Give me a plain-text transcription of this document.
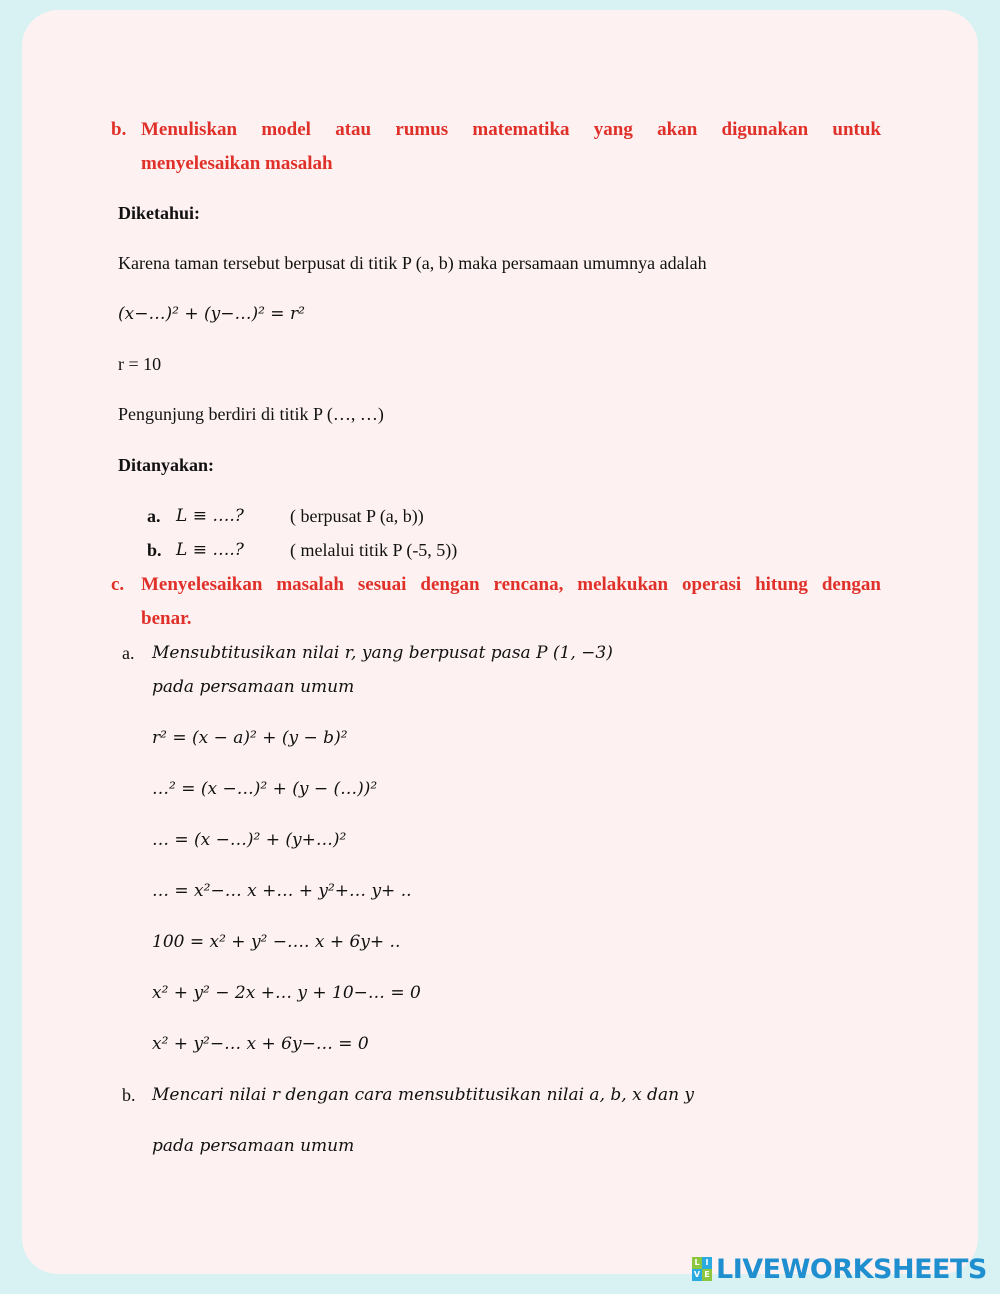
b. Menuliskan model atau rumus matematika yang akan digunakan untuk
menyelesaikan masalah
Diketahui:
Karena taman tersebut berpusat di titik P (a, b) maka persamaan umumnya adalah
(x−…)² + (y−…)² = r²
r = 10
Pengunjung berdiri di titik P (…, …)
Ditanyakan:
a. L ≡ ….?	( berpusat P (a, b))
b. L ≡ ….?	( melalui titik P (-5, 5))
c. Menyelesaikan masalah sesuai dengan rencana, melakukan operasi hitung dengan
benar.
a. Mensubtitusikan nilai r, yang berpusat pasa P (1, −3)
pada persamaan umum
r² = (x − a)² + (y − b)²
…² = (x −…)² + (y − (…))²
… = (x −…)² + (y+…)²
… = x²−… x +… + y²+… y+ ..
100 = x² + y² −…. x + 6y+ ..
x² + y² − 2x +… y + 10−… = 0
x² + y²−… x + 6y−… = 0
b. Mencari nilai r dengan cara mensubtitusikan nilai a, b, x dan y
pada persamaan umum
L I
V E LIVEWORKSHEETS
